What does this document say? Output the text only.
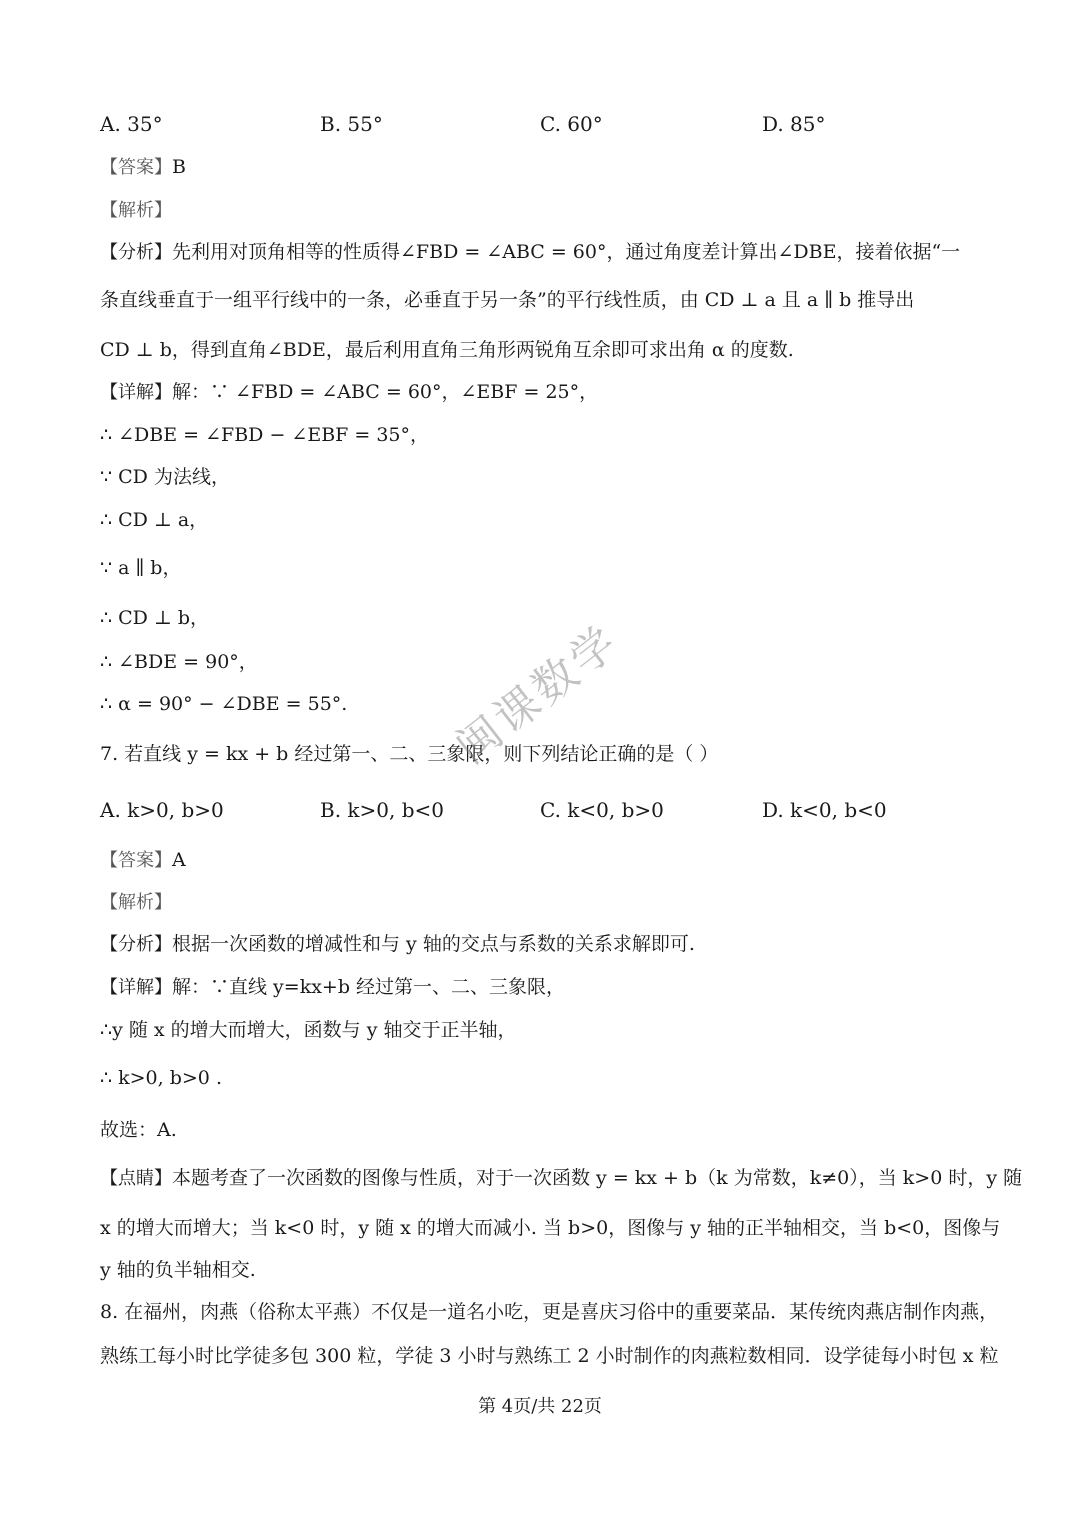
A. 35°	B. 55°	C. 60°	D. 85°
【答案】B
【解析】
【分析】先利用对顶角相等的性质得∠FBD = ∠ABC = 60°，通过角度差计算出∠DBE，接着依据“一
条直线垂直于一组平行线中的一条，必垂直于另一条”的平行线性质，由 CD ⊥ a 且 a ∥ b 推导出
CD ⊥ b，得到直角∠BDE，最后利用直角三角形两锐角互余即可求出角 α 的度数.
【详解】解：∵ ∠FBD = ∠ABC = 60°，∠EBF = 25°，
∴ ∠DBE = ∠FBD − ∠EBF = 35°，
∵ CD 为法线，
∴ CD ⊥ a，
∵ a ∥ b，
∴ CD ⊥ b，
∴ ∠BDE = 90°，
∴ α = 90° − ∠DBE = 55°.
7. 若直线 y = kx + b 经过第一、二、三象限，则下列结论正确的是（ ）
A. k>0, b>0	B. k>0, b<0	C. k<0, b>0	D. k<0, b<0
【答案】A
【解析】
【分析】根据一次函数的增减性和与 y 轴的交点与系数的关系求解即可.
【详解】解：∵直线 y=kx+b 经过第一、二、三象限，
∴y 随 x 的增大而增大，函数与 y 轴交于正半轴，
∴ k>0, b>0 .
故选：A.
【点睛】本题考查了一次函数的图像与性质，对于一次函数 y = kx + b（k 为常数，k≠0），当 k>0 时，y 随
x 的增大而增大；当 k<0 时，y 随 x 的增大而减小. 当 b>0，图像与 y 轴的正半轴相交，当 b<0，图像与
y 轴的负半轴相交.
8. 在福州，肉燕（俗称太平燕）不仅是一道名小吃，更是喜庆习俗中的重要菜品．某传统肉燕店制作肉燕，
熟练工每小时比学徒多包 300 粒，学徒 3 小时与熟练工 2 小时制作的肉燕粒数相同．设学徒每小时包 x 粒
第 4页/共 22页
闽课数学
